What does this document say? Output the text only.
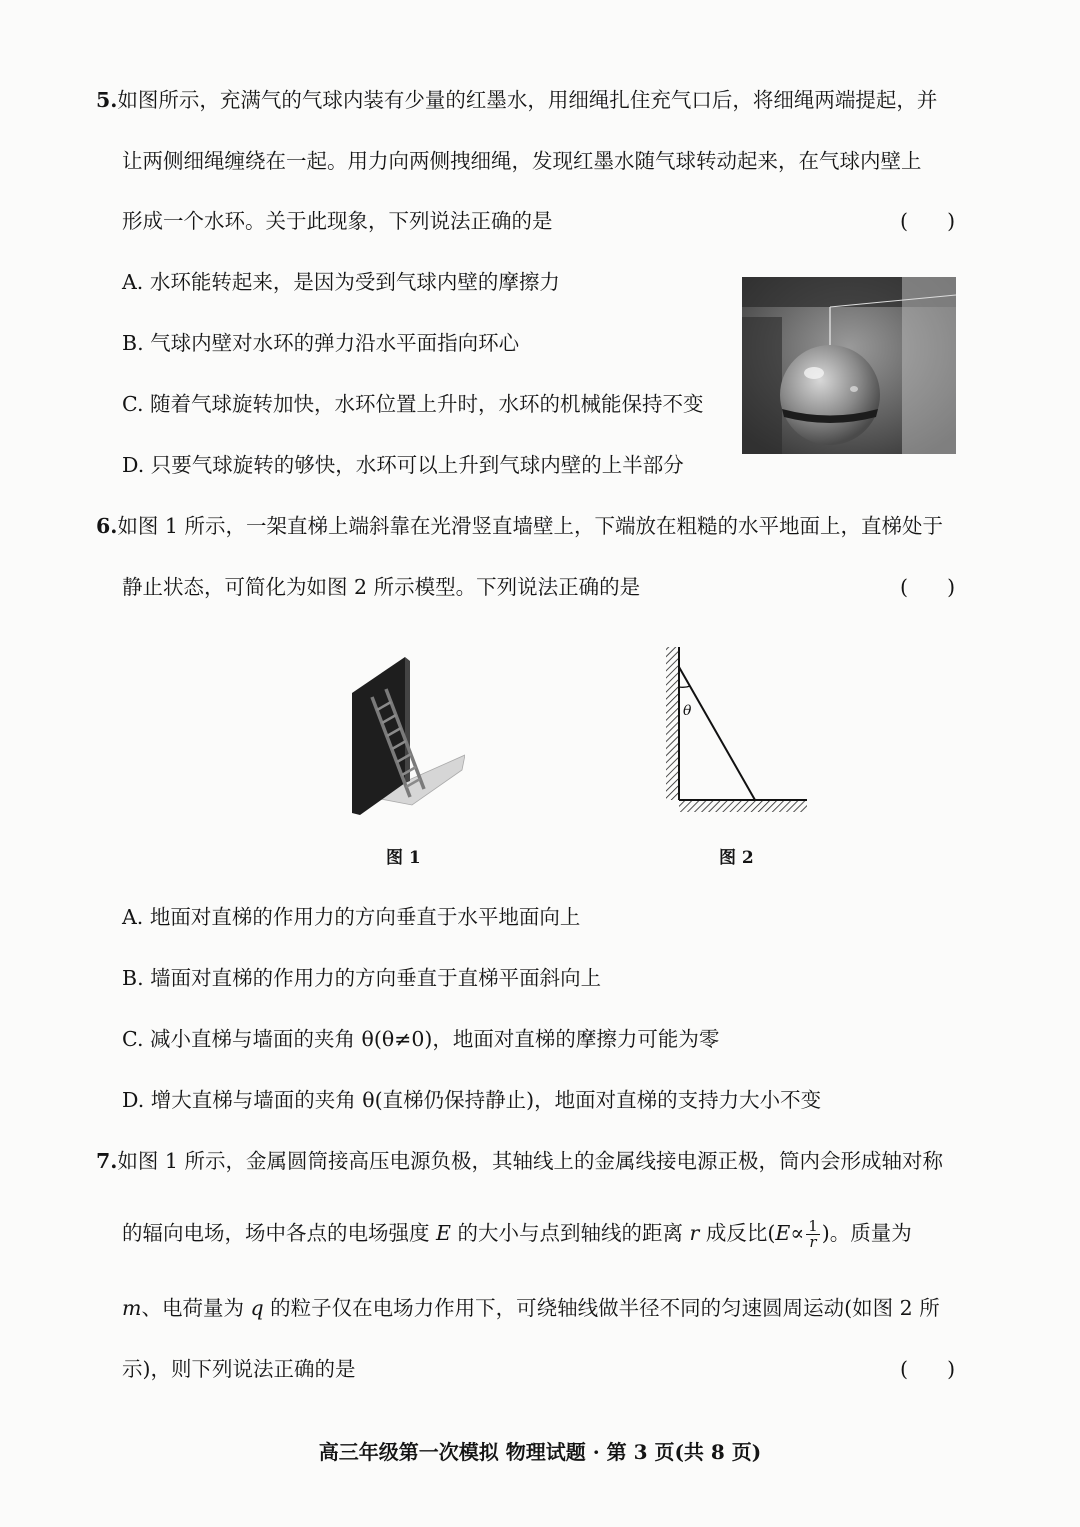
5.如图所示，充满气的气球内装有少量的红墨水，用细绳扎住充气口后，将细绳两端提起，并
让两侧细绳缠绕在一起。用力向两侧拽细绳，发现红墨水随气球转动起来，在气球内壁上
形成一个水环。关于此现象，下列说法正确的是	(      )
A. 水环能转起来，是因为受到气球内壁的摩擦力
B. 气球内壁对水环的弹力沿水平面指向环心
C. 随着气球旋转加快，水环位置上升时，水环的机械能保持不变
D. 只要气球旋转的够快，水环可以上升到气球内壁的上半部分
6.如图 1 所示，一架直梯上端斜靠在光滑竖直墙壁上，下端放在粗糙的水平地面上，直梯处于
静止状态，可简化为如图 2 所示模型。下列说法正确的是	(      )
图 1
θ
图 2
A. 地面对直梯的作用力的方向垂直于水平地面向上
B. 墙面对直梯的作用力的方向垂直于直梯平面斜向上
C. 减小直梯与墙面的夹角 θ(θ≠0)，地面对直梯的摩擦力可能为零
D. 增大直梯与墙面的夹角 θ(直梯仍保持静止)，地面对直梯的支持力大小不变
7.如图 1 所示，金属圆筒接高压电源负极，其轴线上的金属线接电源正极，筒内会形成轴对称
的辐向电场，场中各点的电场强度 E 的大小与点到轴线的距离 r 成反比($E\propto \frac{1}{r}$ )。质量为
m、电荷量为 q 的粒子仅在电场力作用下，可绕轴线做半径不同的匀速圆周运动(如图 2 所
示)，则下列说法正确的是	(      )
高三年级第一次模拟 物理试题 · 第 3 页(共 8 页)
